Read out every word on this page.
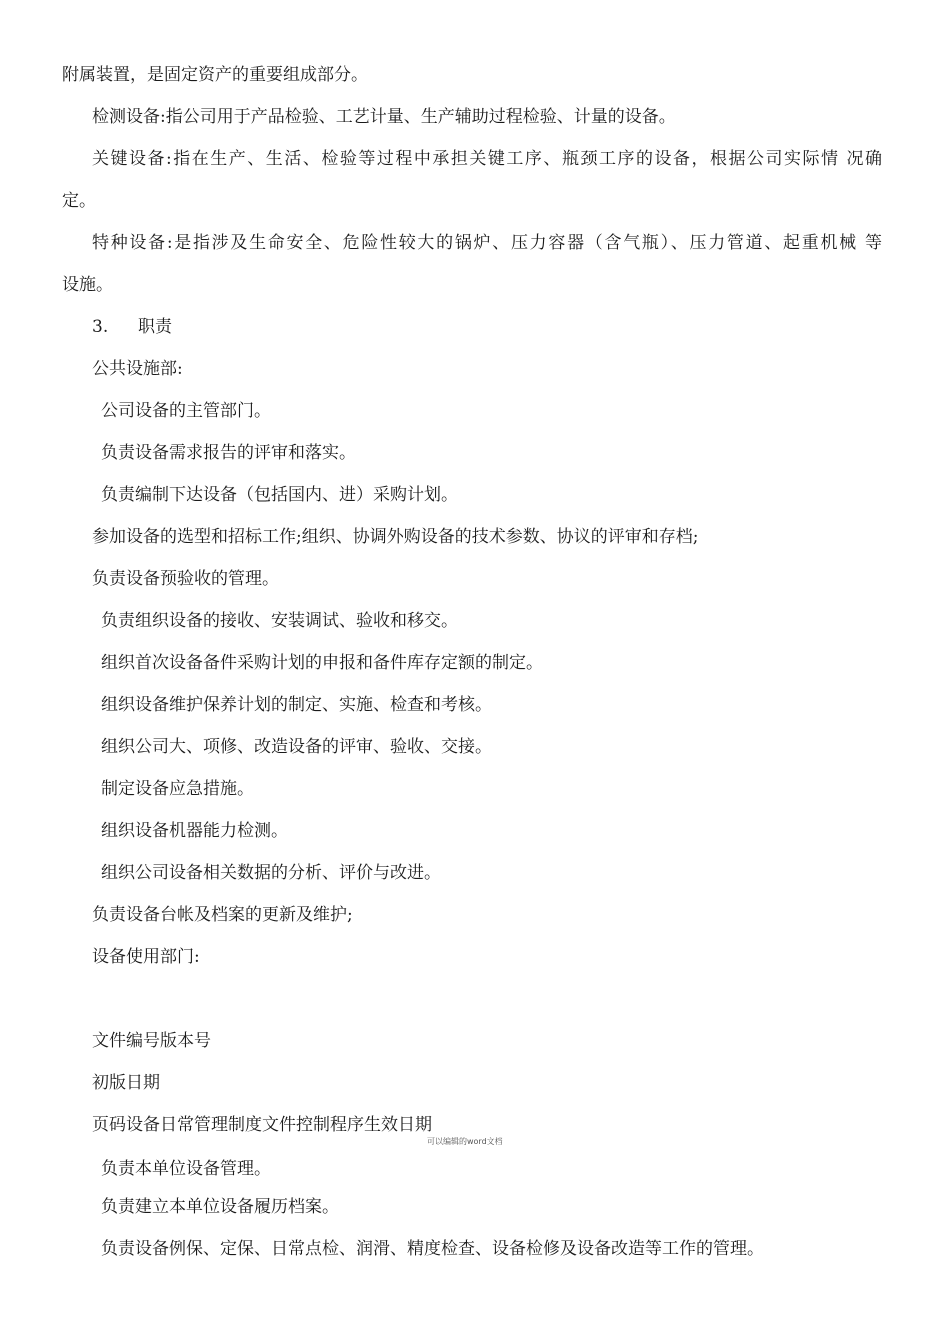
附属装置，是固定资产的重要组成部分。
检测设备:指公司用于产品检验、工艺计量、生产辅助过程检验、计量的设备。
关键设备:指在生产、生活、检验等过程中承担关键工序、瓶颈工序的设备，根据公司实际情 况确
定。
特种设备:是指涉及生命安全、危险性较大的锅炉、压力容器（含气瓶）、压力管道、起重机械 等
设施。
3. 职责
公共设施部:
公司设备的主管部门。
负责设备需求报告的评审和落实。
负责编制下达设备（包括国内、进）采购计划。
参加设备的选型和招标工作;组织、协调外购设备的技术参数、协议的评审和存档;
负责设备预验收的管理。
负责组织设备的接收、安装调试、验收和移交。
组织首次设备备件采购计划的申报和备件库存定额的制定。
组织设备维护保养计划的制定、实施、检查和考核。
组织公司大、项修、改造设备的评审、验收、交接。
制定设备应急措施。
组织设备机器能力检测。
组织公司设备相关数据的分析、评价与改进。
负责设备台帐及档案的更新及维护;
设备使用部门:
文件编号版本号
初版日期
页码设备日常管理制度文件控制程序生效日期
可以编辑的word文档
负责本单位设备管理。
负责建立本单位设备履历档案。
负责设备例保、定保、日常点检、润滑、精度检查、设备检修及设备改造等工作的管理。
